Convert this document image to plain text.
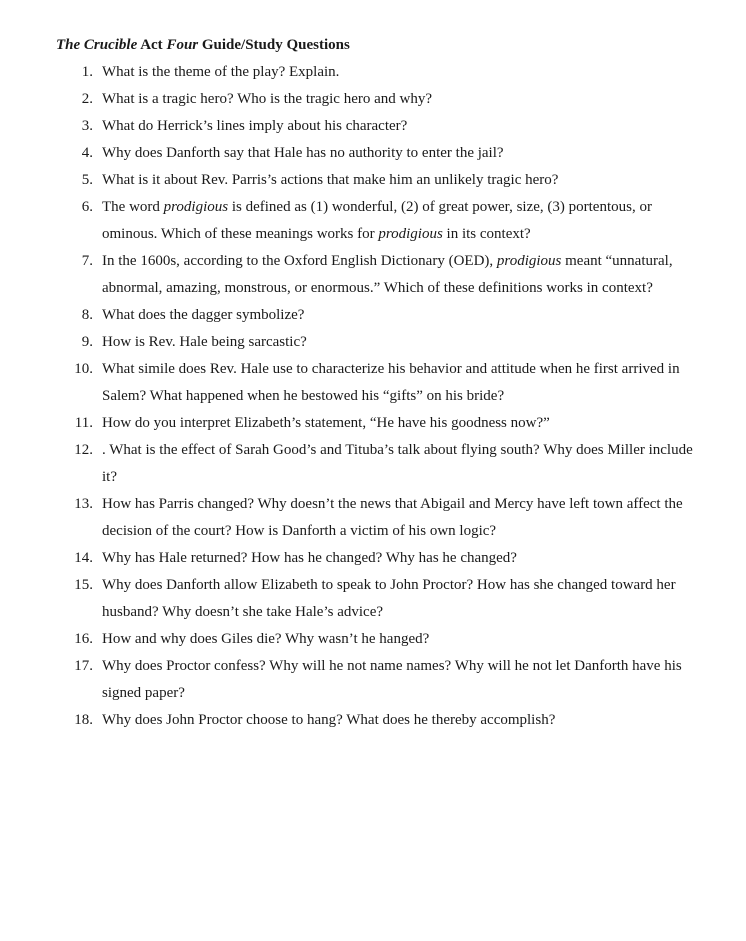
The Crucible Act Four Guide/Study Questions
1. What is the theme of the play? Explain.
2. What is a tragic hero? Who is the tragic hero and why?
3. What do Herrick’s lines imply about his character?
4. Why does Danforth say that Hale has no authority to enter the jail?
5. What is it about Rev. Parris’s actions that make him an unlikely tragic hero?
6. The word prodigious is defined as (1) wonderful, (2) of great power, size, (3) portentous, or ominous. Which of these meanings works for prodigious in its context?
7. In the 1600s, according to the Oxford English Dictionary (OED), prodigious meant “unnatural, abnormal, amazing, monstrous, or enormous.” Which of these definitions works in context?
8. What does the dagger symbolize?
9. How is Rev. Hale being sarcastic?
10. What simile does Rev. Hale use to characterize his behavior and attitude when he first arrived in Salem? What happened when he bestowed his “gifts” on his bride?
11. How do you interpret Elizabeth’s statement, “He have his goodness now?”
12. . What is the effect of Sarah Good’s and Tituba’s talk about flying south? Why does Miller include it?
13. How has Parris changed? Why doesn’t the news that Abigail and Mercy have left town affect the decision of the court? How is Danforth a victim of his own logic?
14. Why has Hale returned? How has he changed? Why has he changed?
15. Why does Danforth allow Elizabeth to speak to John Proctor? How has she changed toward her husband? Why doesn’t she take Hale’s advice?
16. How and why does Giles die? Why wasn’t he hanged?
17. Why does Proctor confess? Why will he not name names? Why will he not let Danforth have his signed paper?
18. Why does John Proctor choose to hang? What does he thereby accomplish?
